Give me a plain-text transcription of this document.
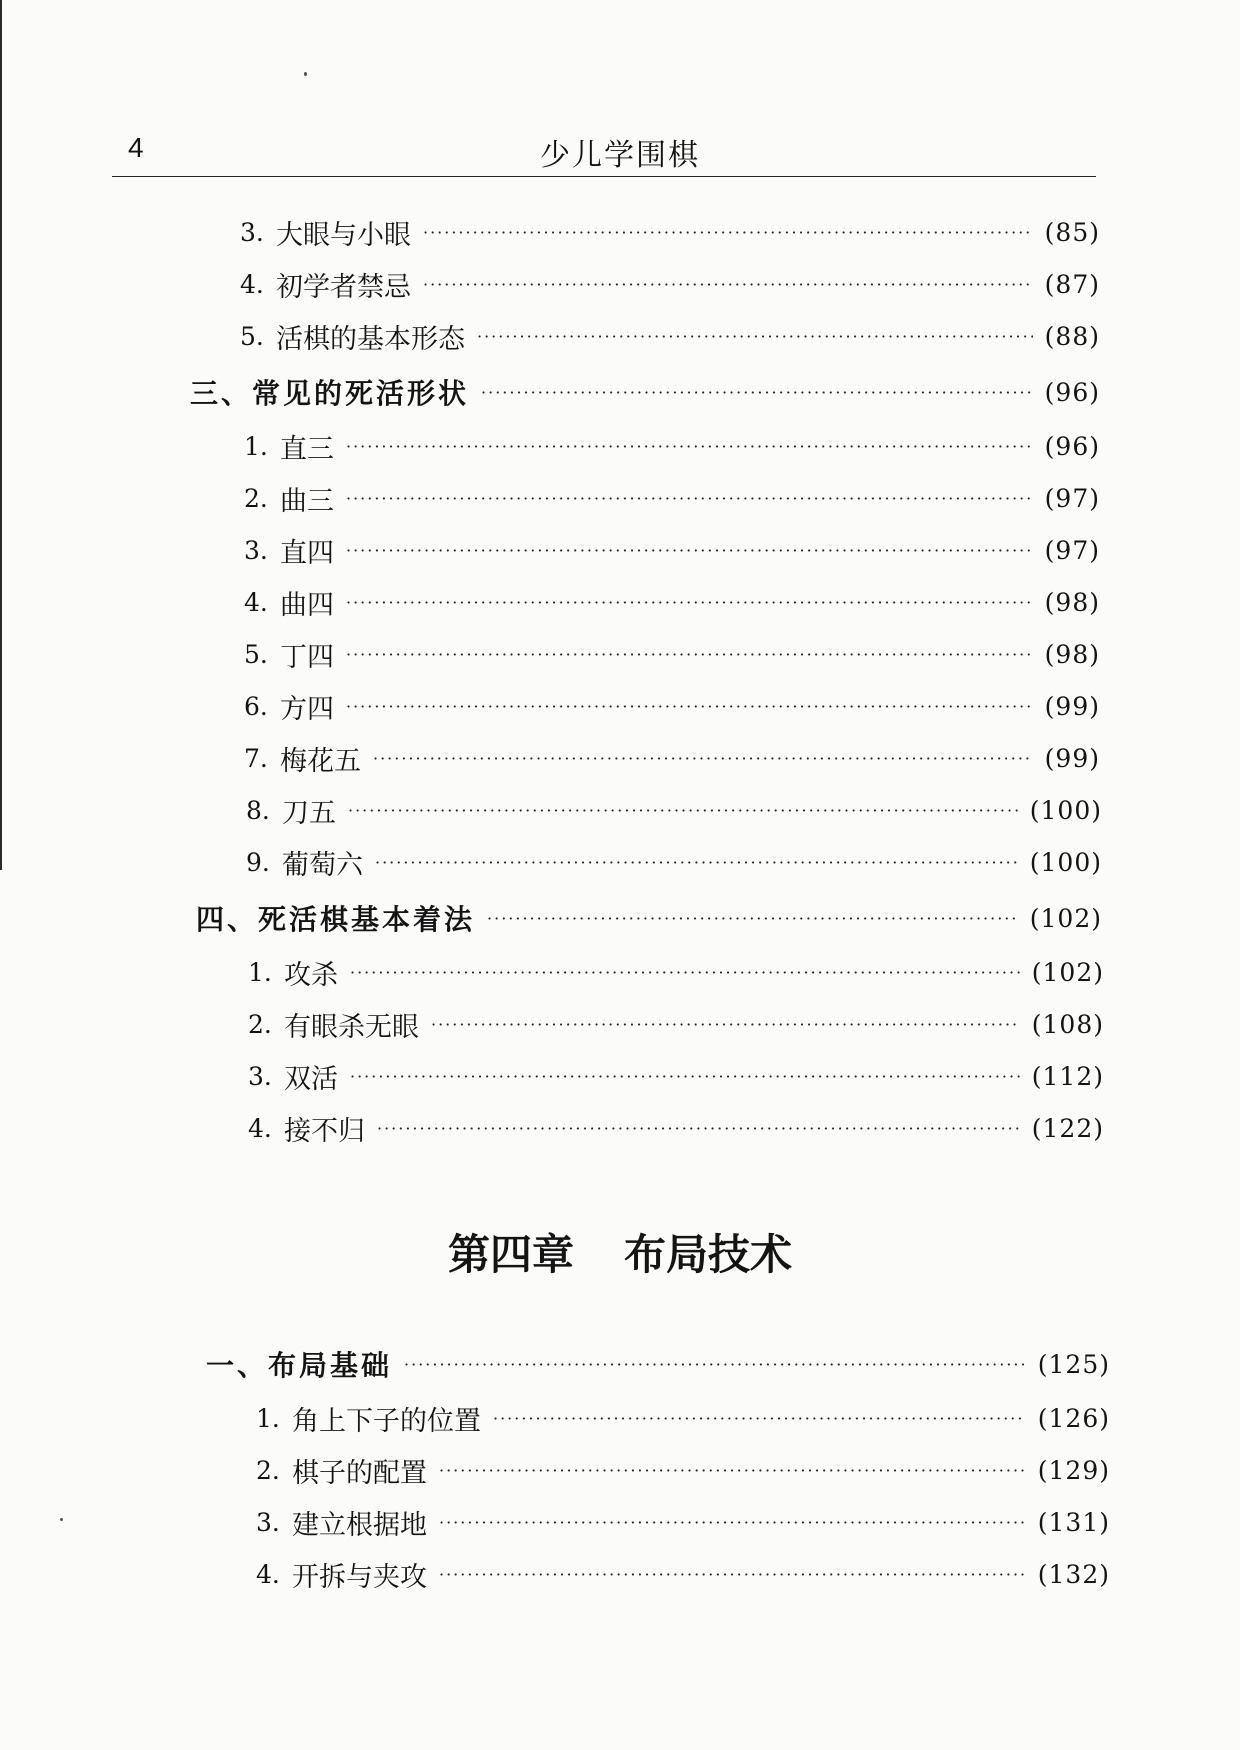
4	少儿学围棋
3. 大眼与小眼 ·····	(85)
4. 初学者禁忌 ·····	(87)
5. 活棋的基本形态 ·····	(88)
三、常见的死活形状 ·····	(96)
1. 直三 ·····	(96)
2. 曲三 ·····	(97)
3. 直四 ·····	(97)
4. 曲四 ·····	(98)
5. 丁四 ·····	(98)
6. 方四 ·····	(99)
7. 梅花五 ·····	(99)
8. 刀五 ·····	(100)
9. 葡萄六 ·····	(100)
四、死活棋基本着法 ·····	(102)
1. 攻杀 ·····	(102)
2. 有眼杀无眼 ·····	(108)
3. 双活 ·····	(112)
4. 接不归 ·····	(122)
第四章 布局技术
一、布局基础 ·····	(125)
1. 角上下子的位置 ·····	(126)
2. 棋子的配置 ·····	(129)
3. 建立根据地 ·····	(131)
4. 开拆与夹攻 ·····	(132)
